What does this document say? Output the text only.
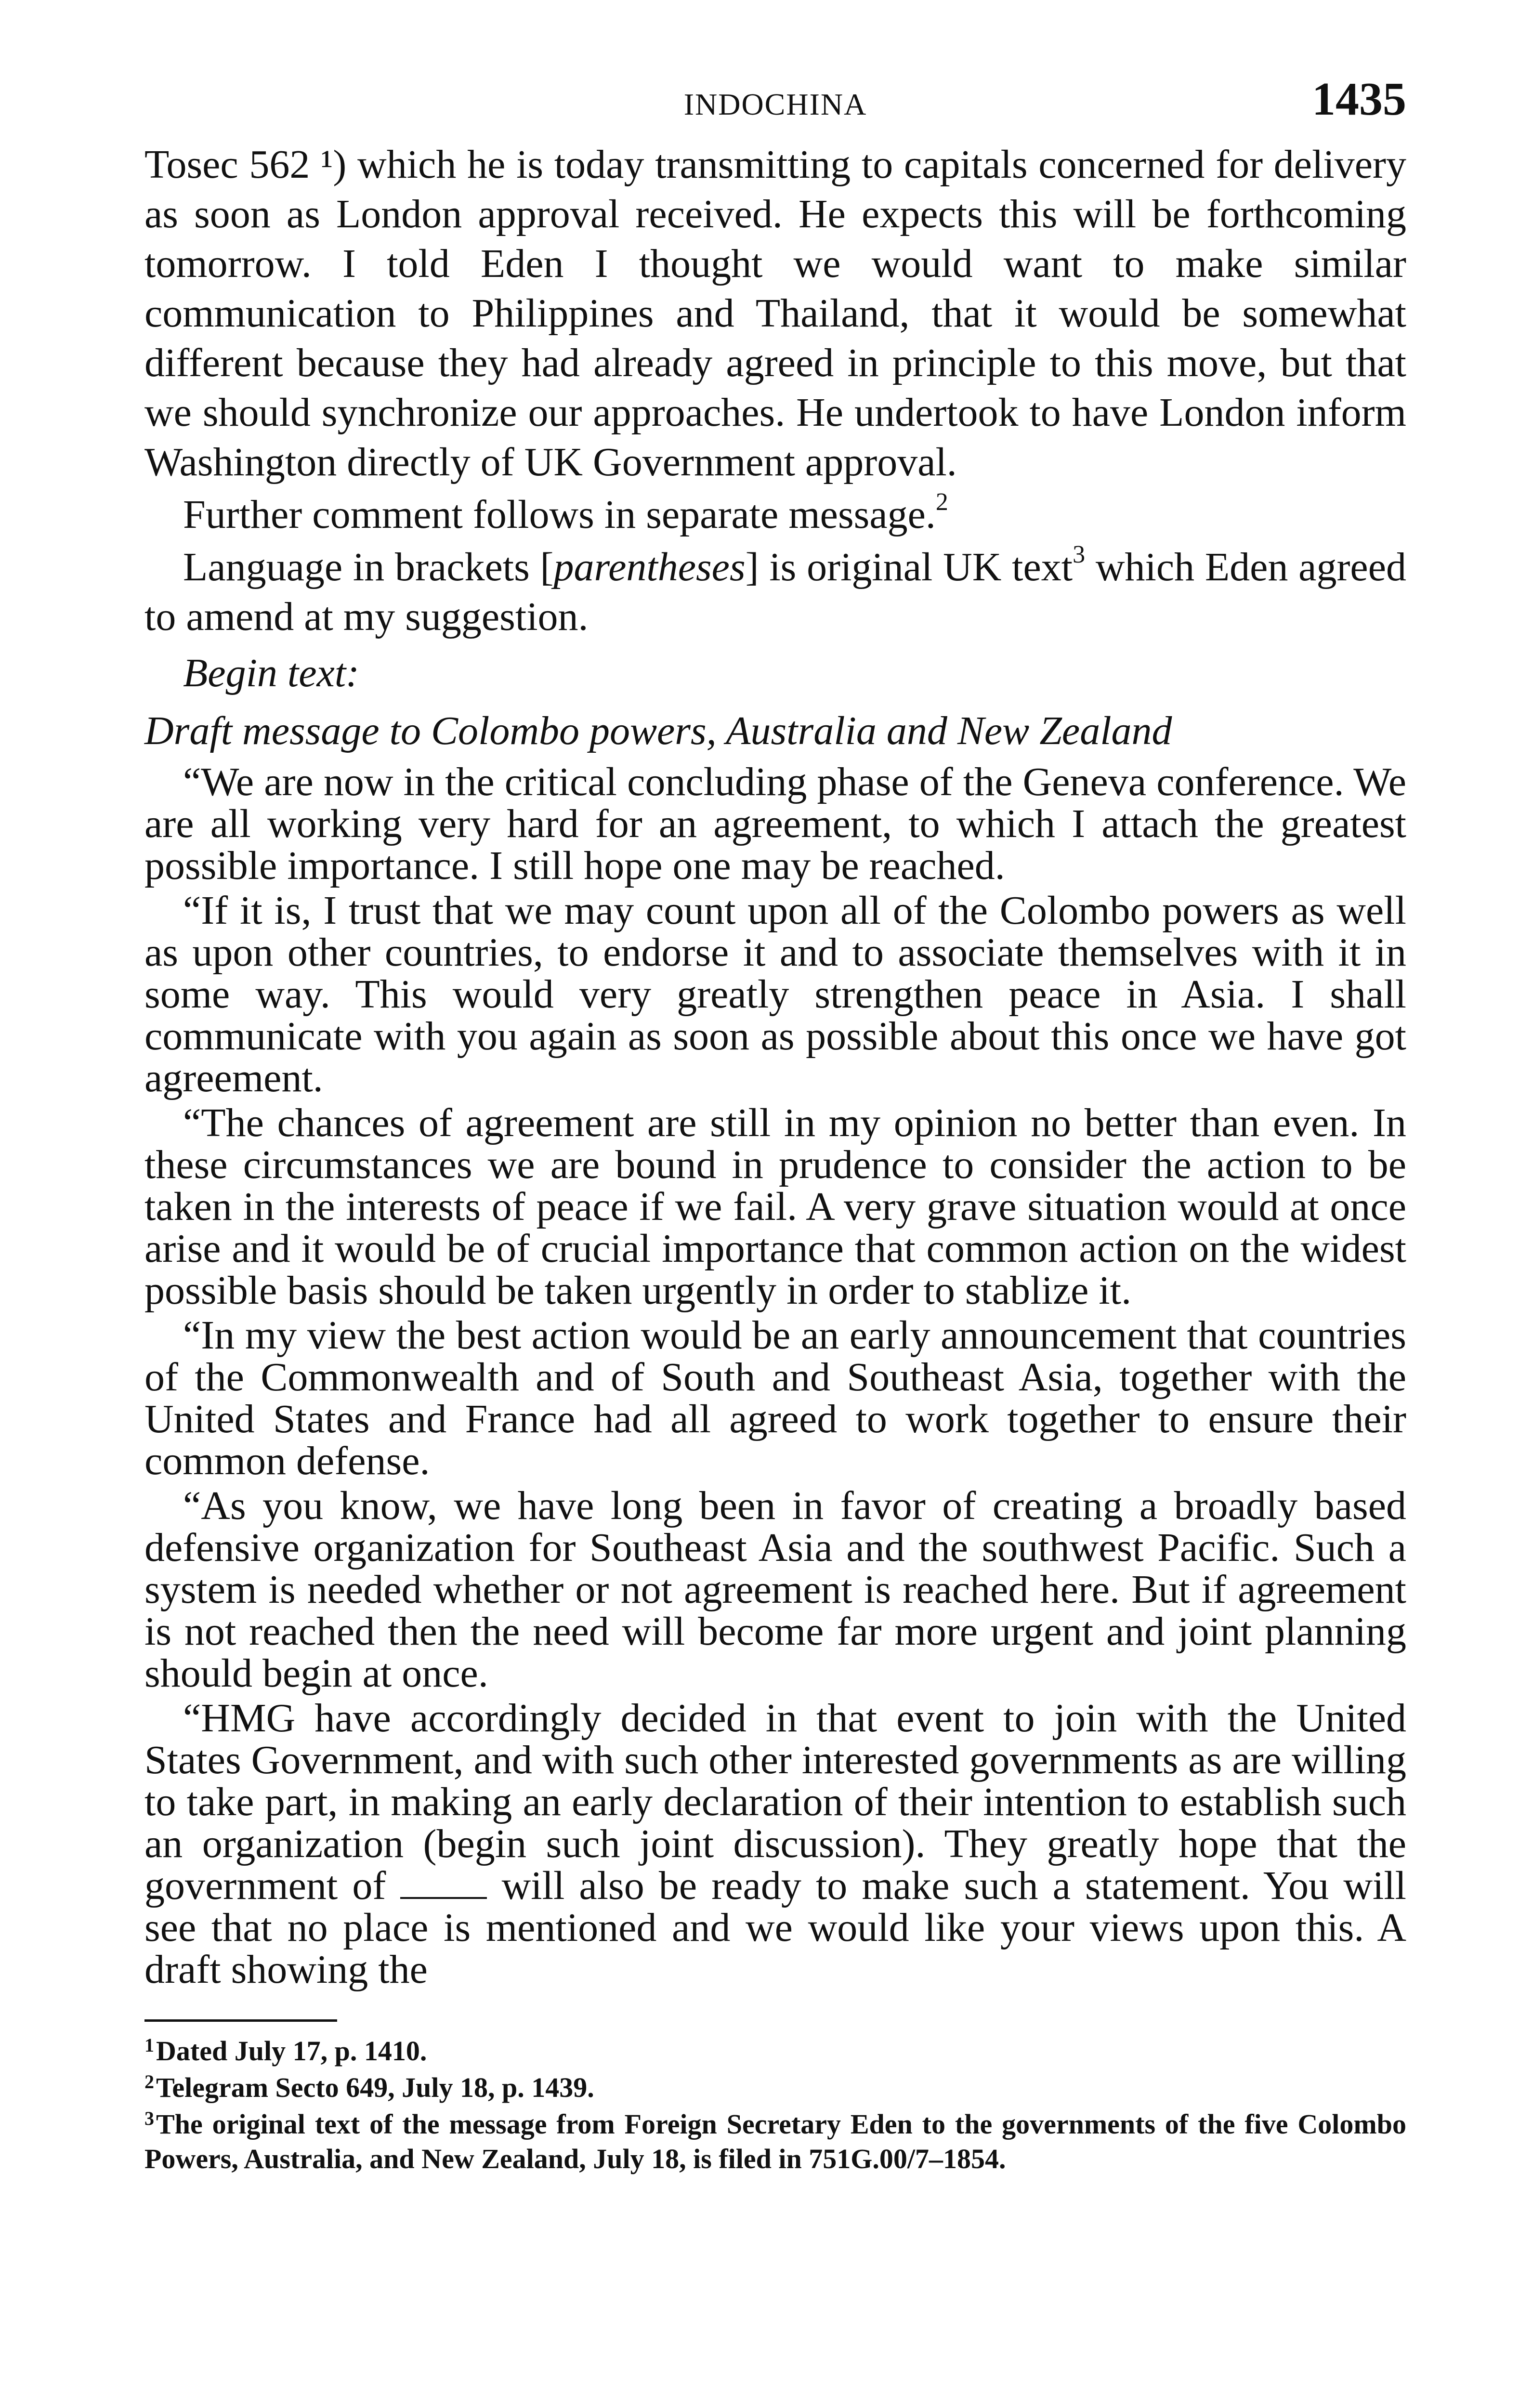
INDOCHINA	1435

Tosec 562 ¹) which he is today transmitting to capitals concerned for delivery as soon as London approval received. He expects this will be forthcoming tomorrow. I told Eden I thought we would want to make similar communication to Philippines and Thailand, that it would be somewhat different because they had already agreed in principle to this move, but that we should synchronize our approaches. He undertook to have London inform Washington directly of UK Government approval.

Further comment follows in separate message.$^2$

Language in brackets [parentheses] is original UK text$^3$ which Eden agreed to amend at my suggestion.

Begin text:
Draft message to Colombo powers, Australia and New Zealand

“We are now in the critical concluding phase of the Geneva conference. We are all working very hard for an agreement, to which I attach the greatest possible importance. I still hope one may be reached.

“If it is, I trust that we may count upon all of the Colombo powers as well as upon other countries, to endorse it and to associate themselves with it in some way. This would very greatly strengthen peace in Asia. I shall communicate with you again as soon as possible about this once we have got agreement.

“The chances of agreement are still in my opinion no better than even. In these circumstances we are bound in prudence to consider the action to be taken in the interests of peace if we fail. A very grave situation would at once arise and it would be of crucial importance that common action on the widest possible basis should be taken urgently in order to stablize it.

“In my view the best action would be an early announcement that countries of the Commonwealth and of South and Southeast Asia, together with the United States and France had all agreed to work together to ensure their common defense.

“As you know, we have long been in favor of creating a broadly based defensive organization for Southeast Asia and the southwest Pacific. Such a system is needed whether or not agreement is reached here. But if agreement is not reached then the need will become far more urgent and joint planning should begin at once.

“HMG have accordingly decided in that event to join with the United States Government, and with such other interested governments as are willing to take part, in making an early declaration of their intention to establish such an organization (begin such joint discussion). They greatly hope that the government of	will also be ready to make such a statement. You will see that no place is mentioned and we would like your views upon this. A draft showing the

$^1$Dated July 17, p. 1410.

$^2$Telegram Secto 649, July 18, p. 1439.

$^3$The original text of the message from Foreign Secretary Eden to the governments of the five Colombo Powers, Australia, and New Zealand, July 18, is filed in 751G.00/7–1854.
